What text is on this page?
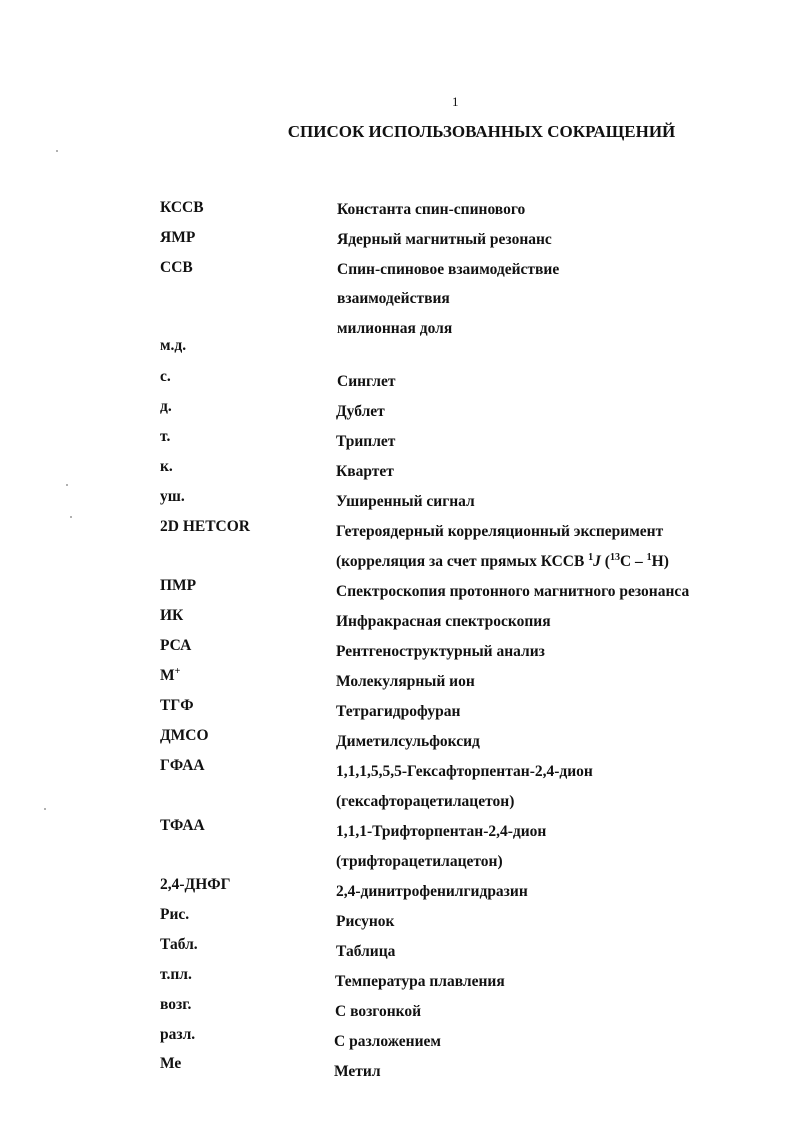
1
СПИСОК ИСПОЛЬЗОВАННЫХ СОКРАЩЕНИЙ
КССВ
ЯМР
ССВ
м.д.
с.
д.
т.
к.
уш.
2D HETCOR
ПМР
ИК
РСА
М+
ТГФ
ДМСО
ГФАА
ТФАА
2,4-ДНФГ
Рис.
Табл.
т.пл.
возг.
разл.
Ме
Константа спин-спинового
Ядерный магнитный резонанс
Спин-спиновое взаимодействие
взаимодействия
милионная доля
Синглет
Дублет
Триплет
Квартет
Уширенный сигнал
Гетероядерный корреляционный эксперимент
(корреляция за счет прямых КССВ $^1$J ($^{13}$C – $^1$H)
Спектроскопия протонного магнитного резонанса
Инфракрасная спектроскопия
Рентгеноструктурный анализ
Молекулярный ион
Тетрагидрофуран
Диметилсульфоксид
1,1,1,5,5,5-Гексафторпентан-2,4-дион
(гексафторацетилацетон)
1,1,1-Трифторпентан-2,4-дион
(трифторацетилацетон)
2,4-динитрофенилгидразин
Рисунок
Таблица
Температура плавления
С возгонкой
С разложением
Метил
